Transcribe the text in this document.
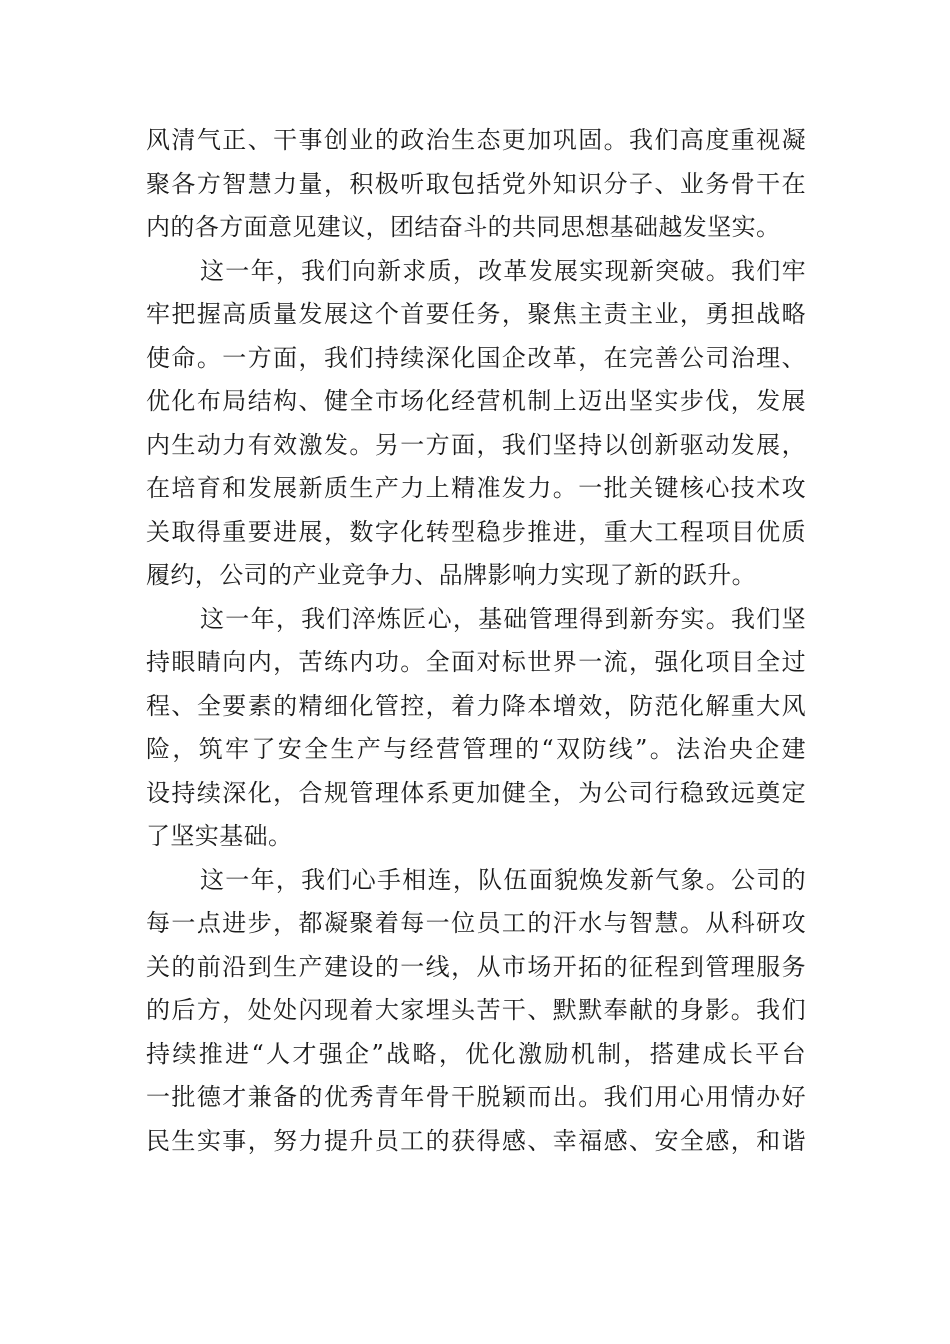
风清气正、干事创业的政治生态更加巩固。我们高度重视凝
聚各方智慧力量，积极听取包括党外知识分子、业务骨干在
内的各方面意见建议，团结奋斗的共同思想基础越发坚实。
这一年，我们向新求质，改革发展实现新突破。我们牢
牢把握高质量发展这个首要任务，聚焦主责主业，勇担战略
使命。一方面，我们持续深化国企改革，在完善公司治理、
优化布局结构、健全市场化经营机制上迈出坚实步伐，发展
内生动力有效激发。另一方面，我们坚持以创新驱动发展，
在培育和发展新质生产力上精准发力。一批关键核心技术攻
关取得重要进展，数字化转型稳步推进，重大工程项目优质
履约，公司的产业竞争力、品牌影响力实现了新的跃升。
这一年，我们淬炼匠心，基础管理得到新夯实。我们坚
持眼睛向内，苦练内功。全面对标世界一流，强化项目全过
程、全要素的精细化管控，着力降本增效，防范化解重大风
险，筑牢了安全生产与经营管理的“双防线”。法治央企建
设持续深化，合规管理体系更加健全，为公司行稳致远奠定
了坚实基础。
这一年，我们心手相连，队伍面貌焕发新气象。公司的
每一点进步，都凝聚着每一位员工的汗水与智慧。从科研攻
关的前沿到生产建设的一线，从市场开拓的征程到管理服务
的后方，处处闪现着大家埋头苦干、默默奉献的身影。我们
持续推进“人才强企”战略，优化激励机制，搭建成长平台
一批德才兼备的优秀青年骨干脱颖而出。我们用心用情办好
民生实事，努力提升员工的获得感、幸福感、安全感，和谐
